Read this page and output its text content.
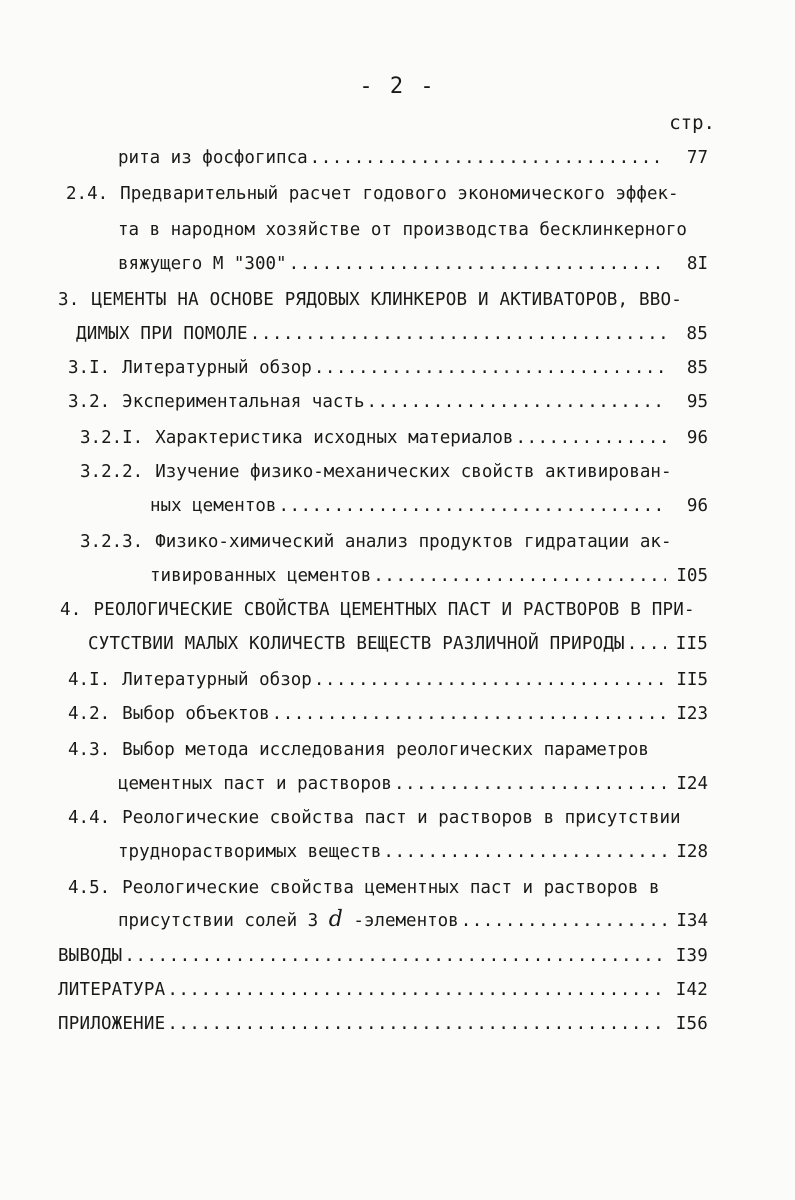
- 2 -
стр.
рита из фосфогипса .....	77
2.4. Предварительный расчет годового экономического эффек-
та в народном хозяйстве от производства бесклинкерного
вяжущего М "300" .....	8I
3. ЦЕМЕНТЫ НА ОСНОВЕ РЯДОВЫХ КЛИНКЕРОВ И АКТИВАТОРОВ, ВВО-
ДИМЫХ ПРИ ПОМОЛЕ .....	85
3.I. Литературный обзор .....	85
3.2. Экспериментальная часть .....	95
3.2.I. Характеристика исходных материалов .....	96
3.2.2. Изучение физико-механических свойств активирован-
ных цементов .....	96
3.2.3. Физико-химический анализ продуктов гидратации ак-
тивированных цементов .....	I05
4. РЕОЛОГИЧЕСКИЕ СВОЙСТВА ЦЕМЕНТНЫХ ПАСТ И РАСТВОРОВ В ПРИ-
СУТСТВИИ МАЛЫХ КОЛИЧЕСТВ ВЕЩЕСТВ РАЗЛИЧНОЙ ПРИРОДЫ .....	II5
4.I. Литературный обзор .....	II5
4.2. Выбор объектов .....	I23
4.3. Выбор метода исследования реологических параметров
цементных паст и растворов .....	I24
4.4. Реологические свойства паст и растворов в присутствии
труднорастворимых веществ .....	I28
4.5. Реологические свойства цементных паст и растворов в
присутствии солей 3 d -элементов .....	I34
ВЫВОДЫ .....	I39
ЛИТЕРАТУРА .....	I42
ПРИЛОЖЕНИЕ .....	I56
